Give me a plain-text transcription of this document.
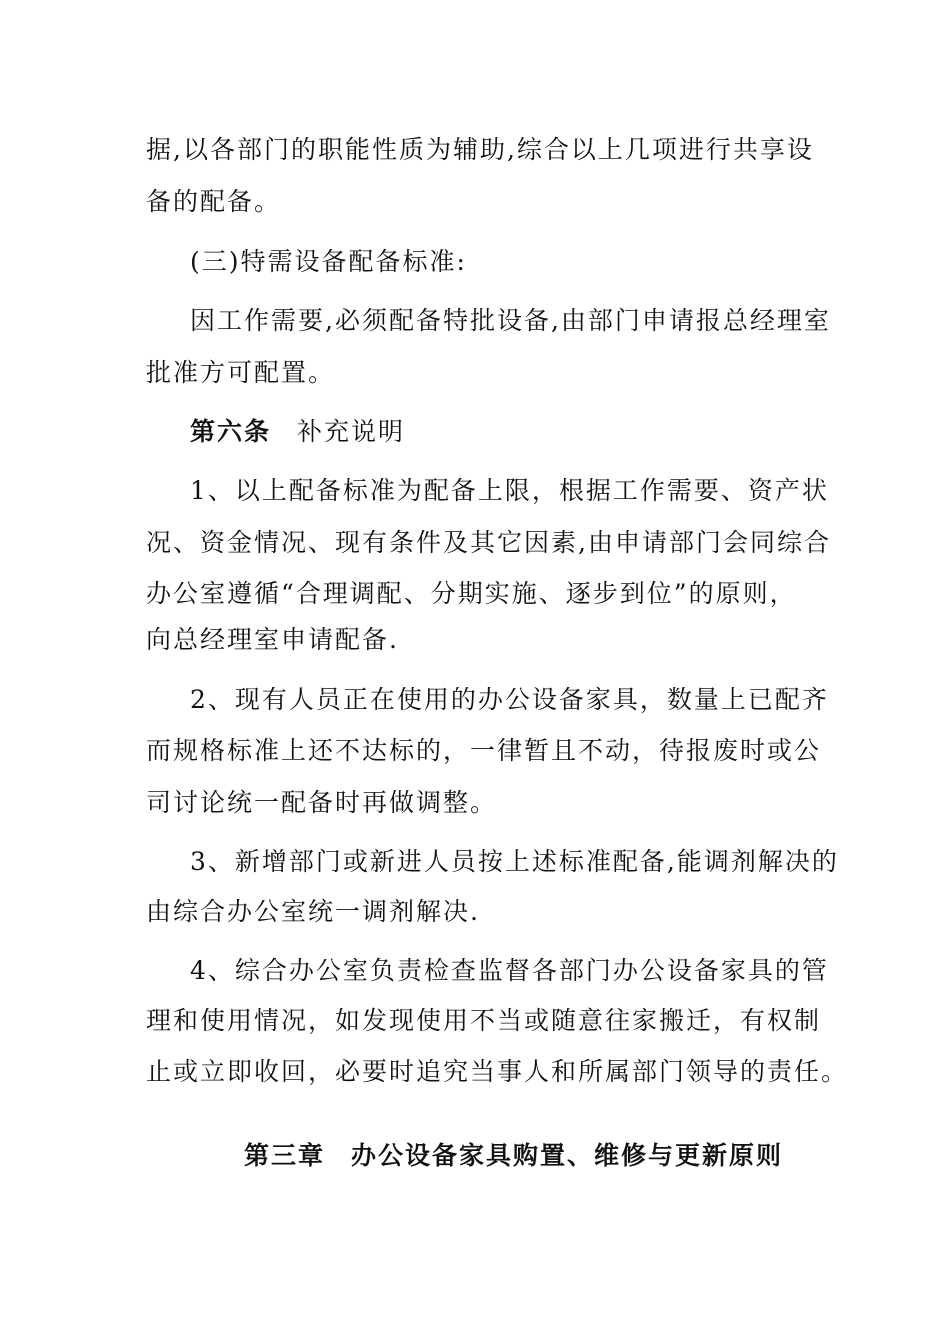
据,以各部门的职能性质为辅助,综合以上几项进行共享设
备的配备。
(三)特需设备配备标准:
因工作需要,必须配备特批设备,由部门申请报总经理室
批准方可配置。
第六条 补充说明
1、以上配备标准为配备上限，根据工作需要、资产状
况、资金情况、现有条件及其它因素,由申请部门会同综合
办公室遵循“合理调配、分期实施、逐步到位”的原则，
向总经理室申请配备.
2、现有人员正在使用的办公设备家具，数量上已配齐
而规格标准上还不达标的，一律暂且不动，待报废时或公
司讨论统一配备时再做调整。
3、新增部门或新进人员按上述标准配备,能调剂解决的
由综合办公室统一调剂解决.
4、综合办公室负责检查监督各部门办公设备家具的管
理和使用情况，如发现使用不当或随意往家搬迁，有权制
止或立即收回，必要时追究当事人和所属部门领导的责任。
第三章 办公设备家具购置、维修与更新原则
